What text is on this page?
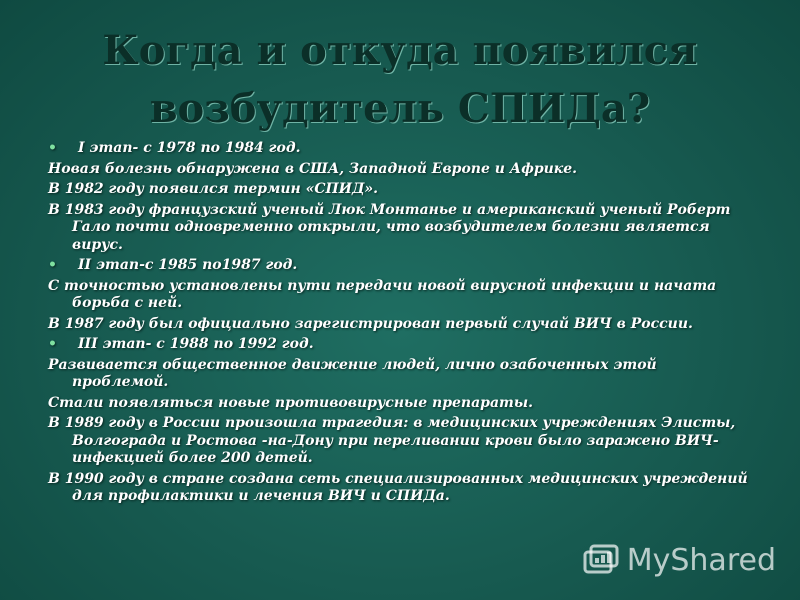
Когда и откуда появился
возбудитель СПИДа?
• I этап- с 1978 по 1984 год.
Новая болезнь обнаружена в США, Западной Европе и Африке.
В 1982 году появился термин «СПИД».
В 1983 году французский ученый Люк Монтанье и американский ученый Роберт Гало почти одновременно открыли, что возбудителем болезни является вирус.
• II этап-с 1985 по1987 год.
С точностью установлены пути передачи новой вирусной инфекции и начата борьба с ней.
В 1987 году был официально зарегистрирован первый случай ВИЧ в России.
• III этап- с 1988 по 1992 год.
Развивается общественное движение людей, лично озабоченных этой проблемой.
Стали появляться новые противовирусные препараты.
В 1989 году в России произошла трагедия: в медицинских учреждениях Элисты, Волгограда и Ростова -на-Дону при переливании крови было заражено ВИЧ- инфекцией более 200 детей.
В 1990 году в стране создана сеть специализированных медицинских учреждений для профилактики и лечения ВИЧ и СПИДа.
MyShared
